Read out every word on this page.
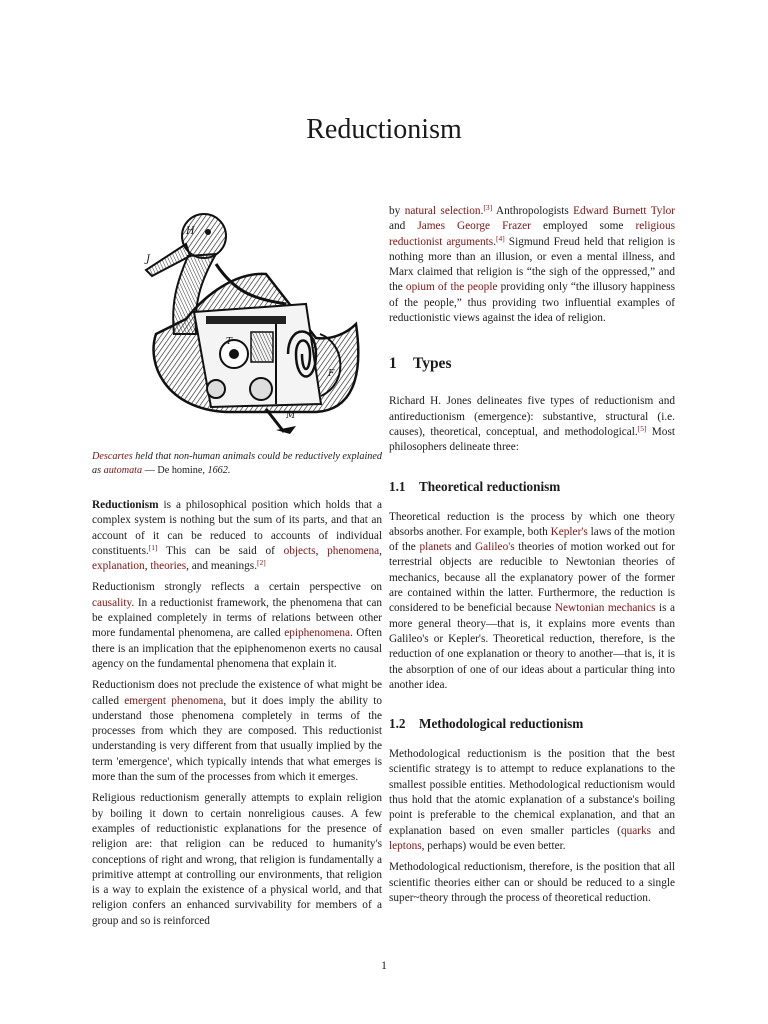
Reductionism
H
J
T
F
M
Descartes held that non-human animals could be reductively explained as automata — De homine, 1662.

Reductionism is a philosophical position which holds that a complex system is nothing but the sum of its parts, and that an account of it can be reduced to accounts of individual constituents.[1] This can be said of objects, phenomena, explanation, theories, and meanings.[2]

Reductionism strongly reflects a certain perspective on causality. In a reductionist framework, the phenomena that can be explained completely in terms of relations between other more fundamental phenomena, are called epiphenomena. Often there is an implication that the epiphenomenon exerts no causal agency on the fundamental phenomena that explain it.

Reductionism does not preclude the existence of what might be called emergent phenomena, but it does imply the ability to understand those phenomena completely in terms of the processes from which they are composed. This reductionist understanding is very different from that usually implied by the term 'emergence', which typically intends that what emerges is more than the sum of the processes from which it emerges.

Religious reductionism generally attempts to explain religion by boiling it down to certain nonreligious causes. A few examples of reductionistic explanations for the presence of religion are: that religion can be reduced to humanity's conceptions of right and wrong, that religion is fundamentally a primitive attempt at controlling our environments, that religion is a way to explain the existence of a physical world, and that religion confers an enhanced survivability for members of a group and so is reinforced

by natural selection.[3] Anthropologists Edward Burnett Tylor and James George Frazer employed some religious reductionist arguments.[4] Sigmund Freud held that religion is nothing more than an illusion, or even a mental illness, and Marx claimed that religion is “the sigh of the oppressed,” and the opium of the people providing only “the illusory happiness of the people,” thus providing two influential examples of reductionistic views against the idea of religion.

1 Types

Richard H. Jones delineates five types of reductionism and antireductionism (emergence): substantive, structural (i.e. causes), theoretical, conceptual, and methodological.[5] Most philosophers delineate three:

1.1 Theoretical reductionism

Theoretical reduction is the process by which one theory absorbs another. For example, both Kepler's laws of the motion of the planets and Galileo's theories of motion worked out for terrestrial objects are reducible to Newtonian theories of mechanics, because all the explanatory power of the former are contained within the latter. Furthermore, the reduction is considered to be beneficial because Newtonian mechanics is a more general theory—that is, it explains more events than Galileo's or Kepler's. Theoretical reduction, therefore, is the reduction of one explanation or theory to another—that is, it is the absorption of one of our ideas about a particular thing into another idea.

1.2 Methodological reductionism

Methodological reductionism is the position that the best scientific strategy is to attempt to reduce explanations to the smallest possible entities. Methodological reductionism would thus hold that the atomic explanation of a substance's boiling point is preferable to the chemical explanation, and that an explanation based on even smaller particles (quarks and leptons, perhaps) would be even better.

Methodological reductionism, therefore, is the position that all scientific theories either can or should be reduced to a single super~theory through the process of theoretical reduction.

1
